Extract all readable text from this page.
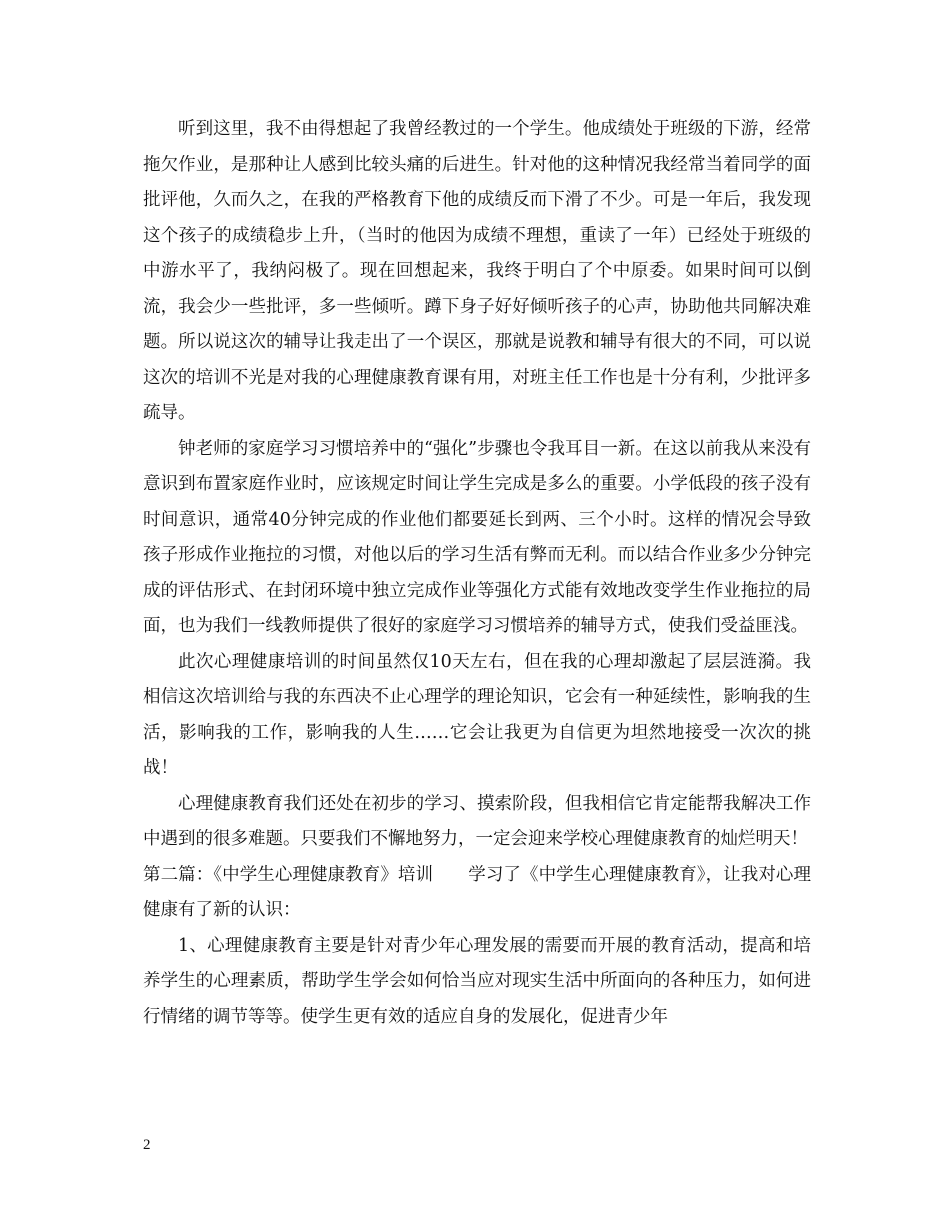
听到这里，我不由得想起了我曾经教过的一个学生。他成绩处于班级的下游，经常拖欠作业，是那种让人感到比较头痛的后进生。针对他的这种情况我经常当着同学的面批评他，久而久之，在我的严格教育下他的成绩反而下滑了不少。可是一年后，我发现这个孩子的成绩稳步上升，（当时的他因为成绩不理想，重读了一年）已经处于班级的中游水平了，我纳闷极了。现在回想起来，我终于明白了个中原委。如果时间可以倒流，我会少一些批评，多一些倾听。蹲下身子好好倾听孩子的心声，协助他共同解决难题。所以说这次的辅导让我走出了一个误区，那就是说教和辅导有很大的不同，可以说这次的培训不光是对我的心理健康教育课有用，对班主任工作也是十分有利，少批评多疏导。

钟老师的家庭学习习惯培养中的“强化”步骤也令我耳目一新。在这以前我从来没有意识到布置家庭作业时，应该规定时间让学生完成是多么的重要。小学低段的孩子没有时间意识，通常40分钟完成的作业他们都要延长到两、三个小时。这样的情况会导致孩子形成作业拖拉的习惯，对他以后的学习生活有弊而无利。而以结合作业多少分钟完成的评估形式、在封闭环境中独立完成作业等强化方式能有效地改变学生作业拖拉的局面，也为我们一线教师提供了很好的家庭学习习惯培养的辅导方式，使我们受益匪浅。

此次心理健康培训的时间虽然仅10天左右，但在我的心理却激起了层层涟漪。我相信这次培训给与我的东西决不止心理学的理论知识，它会有一种延续性，影响我的生活，影响我的工作，影响我的人生……它会让我更为自信更为坦然地接受一次次的挑战！

心理健康教育我们还处在初步的学习、摸索阶段，但我相信它肯定能帮我解决工作中遇到的很多难题。只要我们不懈地努力，一定会迎来学校心理健康教育的灿烂明天！

第二篇：《中学生心理健康教育》培训　　学习了《中学生心理健康教育》，让我对心理健康有了新的认识：

1、心理健康教育主要是针对青少年心理发展的需要而开展的教育活动，提高和培养学生的心理素质，帮助学生学会如何恰当应对现实生活中所面向的各种压力，如何进行情绪的调节等等。使学生更有效的适应自身的发展化，促进青少年

2
